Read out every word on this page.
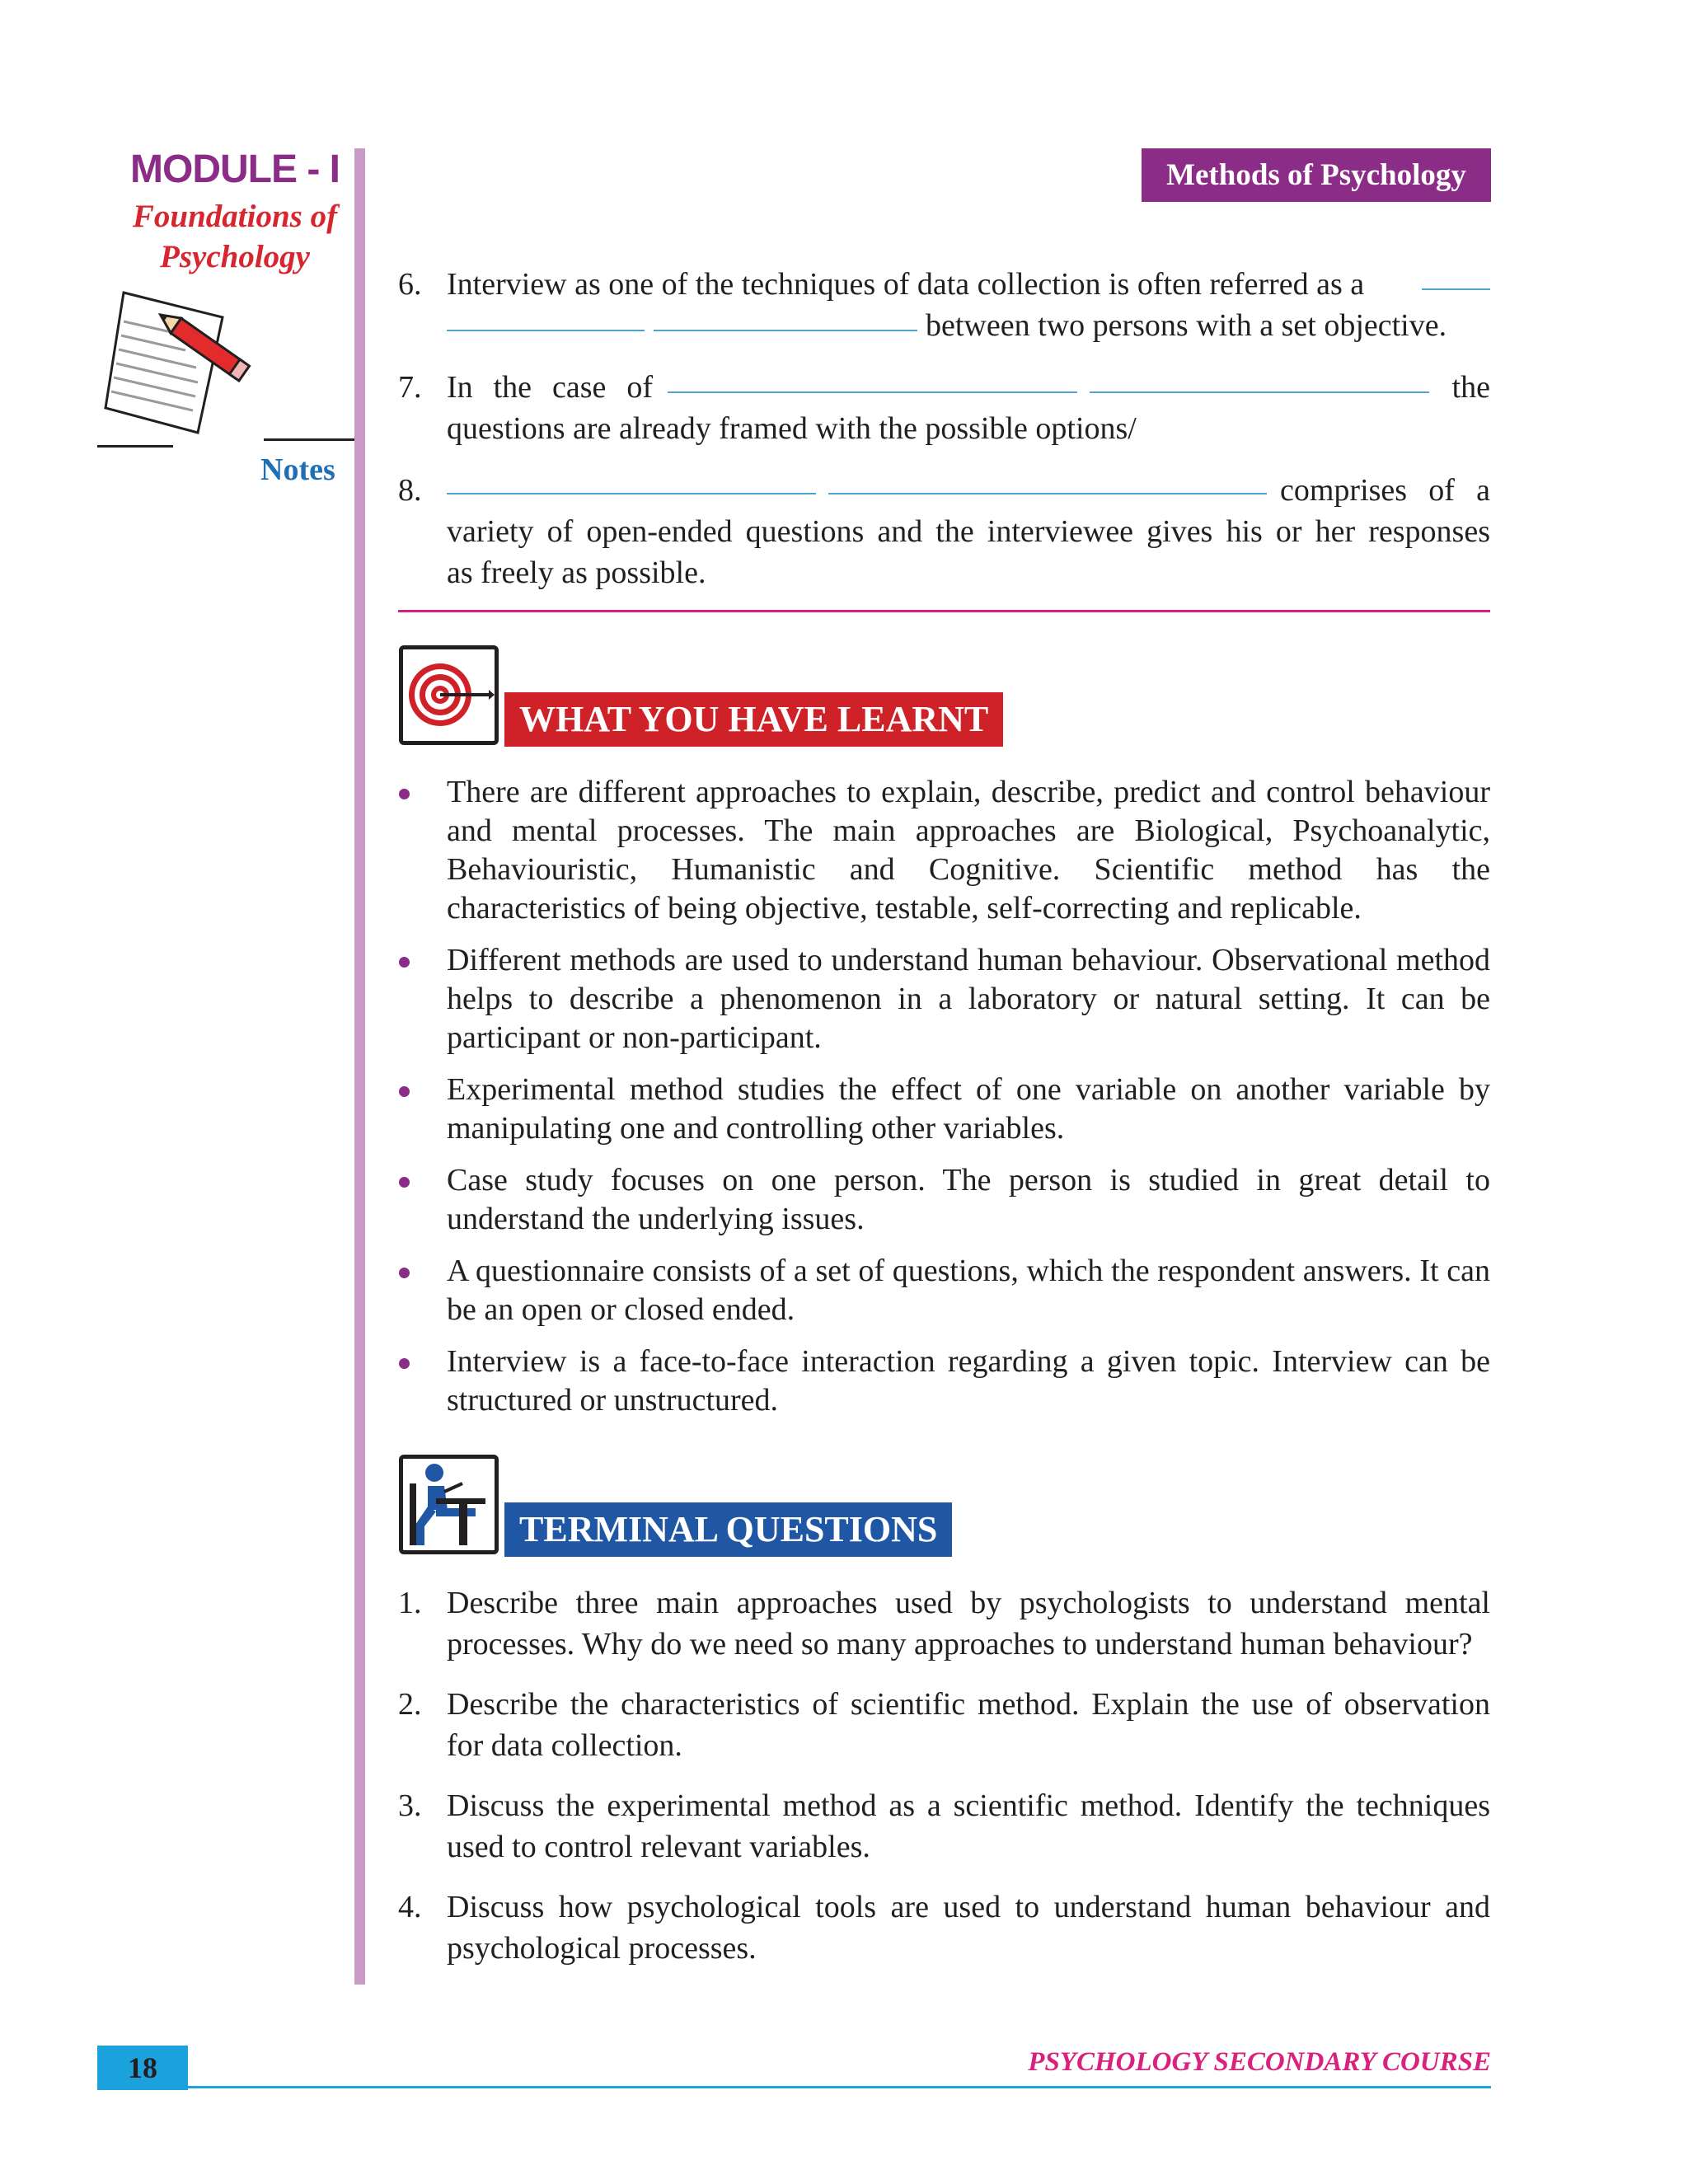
MODULE - I
Foundations of
Psychology
Notes
Methods of Psychology
6. Interview as one of the techniques of data collection is often referred as a
between two persons with a set objective.
7. In the case of	the
questions are already framed with the possible options/
8.	comprises of a
variety of open-ended questions and the interviewee gives his or her responses
as freely as possible.
WHAT YOU HAVE LEARNT
There are different approaches to explain, describe, predict and control behaviour and mental processes. The main approaches are Biological, Psychoanalytic, Behaviouristic, Humanistic and Cognitive. Scientific method has the characteristics of being objective, testable, self-correcting and replicable.
Different methods are used to understand human behaviour. Observational method helps to describe a phenomenon in a laboratory or natural setting. It can be participant or non-participant.
Experimental method studies the effect of one variable on another variable by manipulating one and controlling other variables.
Case study focuses on one person. The person is studied in great detail to understand the underlying issues.
A questionnaire consists of a set of questions, which the respondent answers. It can be an open or closed ended.
Interview is a face-to-face interaction regarding a given topic. Interview can be structured or unstructured.
TERMINAL QUESTIONS
1. Describe three main approaches used by psychologists to understand mental processes. Why do we need so many approaches to understand human behaviour?
2. Describe the characteristics of scientific method. Explain the use of observation for data collection.
3. Discuss the experimental method as a scientific method. Identify the techniques used to control relevant variables.
4. Discuss how psychological tools are used to understand human behaviour and psychological processes.
18	PSYCHOLOGY SECONDARY COURSE
